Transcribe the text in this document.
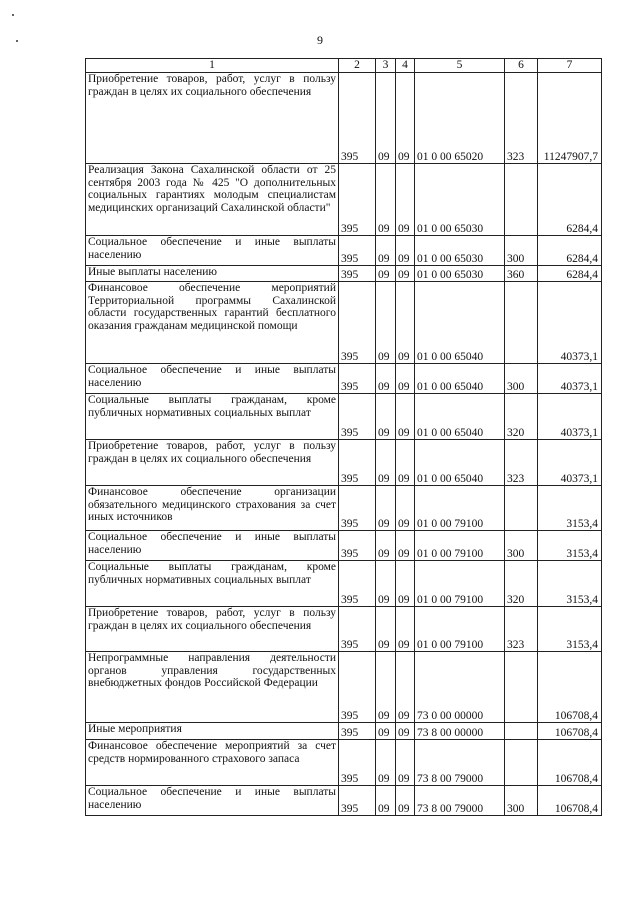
9
1	2	3	4	5	6	7
Приобретение товаров, работ, услуг в пользу граждан в целях их социального обеспечения	395	09	09	01 0 00 65020	323	11247907,7
Реализация Закона Сахалинской области от 25 сентября 2003 года № 425 "О дополнительных социальных гарантиях молодым специалистам медицинских организаций Сахалинской области"	395	09	09	01 0 00 65030		6284,4
Социальное обеспечение и иные выплаты населению	395	09	09	01 0 00 65030	300	6284,4
Иные выплаты населению	395	09	09	01 0 00 65030	360	6284,4
Финансовое обеспечение мероприятий Территориальной программы Сахалинской области государственных гарантий бесплатного оказания гражданам медицинской помощи	395	09	09	01 0 00 65040		40373,1
Социальное обеспечение и иные выплаты населению	395	09	09	01 0 00 65040	300	40373,1
Социальные выплаты гражданам, кроме публичных нормативных социальных выплат	395	09	09	01 0 00 65040	320	40373,1
Приобретение товаров, работ, услуг в пользу граждан в целях их социального обеспечения	395	09	09	01 0 00 65040	323	40373,1
Финансовое обеспечение организации обязательного медицинского страхования за счет иных источников	395	09	09	01 0 00 79100		3153,4
Социальное обеспечение и иные выплаты населению	395	09	09	01 0 00 79100	300	3153,4
Социальные выплаты гражданам, кроме публичных нормативных социальных выплат	395	09	09	01 0 00 79100	320	3153,4
Приобретение товаров, работ, услуг в пользу граждан в целях их социального обеспечения	395	09	09	01 0 00 79100	323	3153,4
Непрограммные направления деятельности органов управления государственных внебюджетных фондов Российской Федерации	395	09	09	73 0 00 00000		106708,4
Иные мероприятия	395	09	09	73 8 00 00000		106708,4
Финансовое обеспечение мероприятий за счет средств нормированного страхового запаса	395	09	09	73 8 00 79000		106708,4
Социальное обеспечение и иные выплаты населению	395	09	09	73 8 00 79000	300	106708,4
